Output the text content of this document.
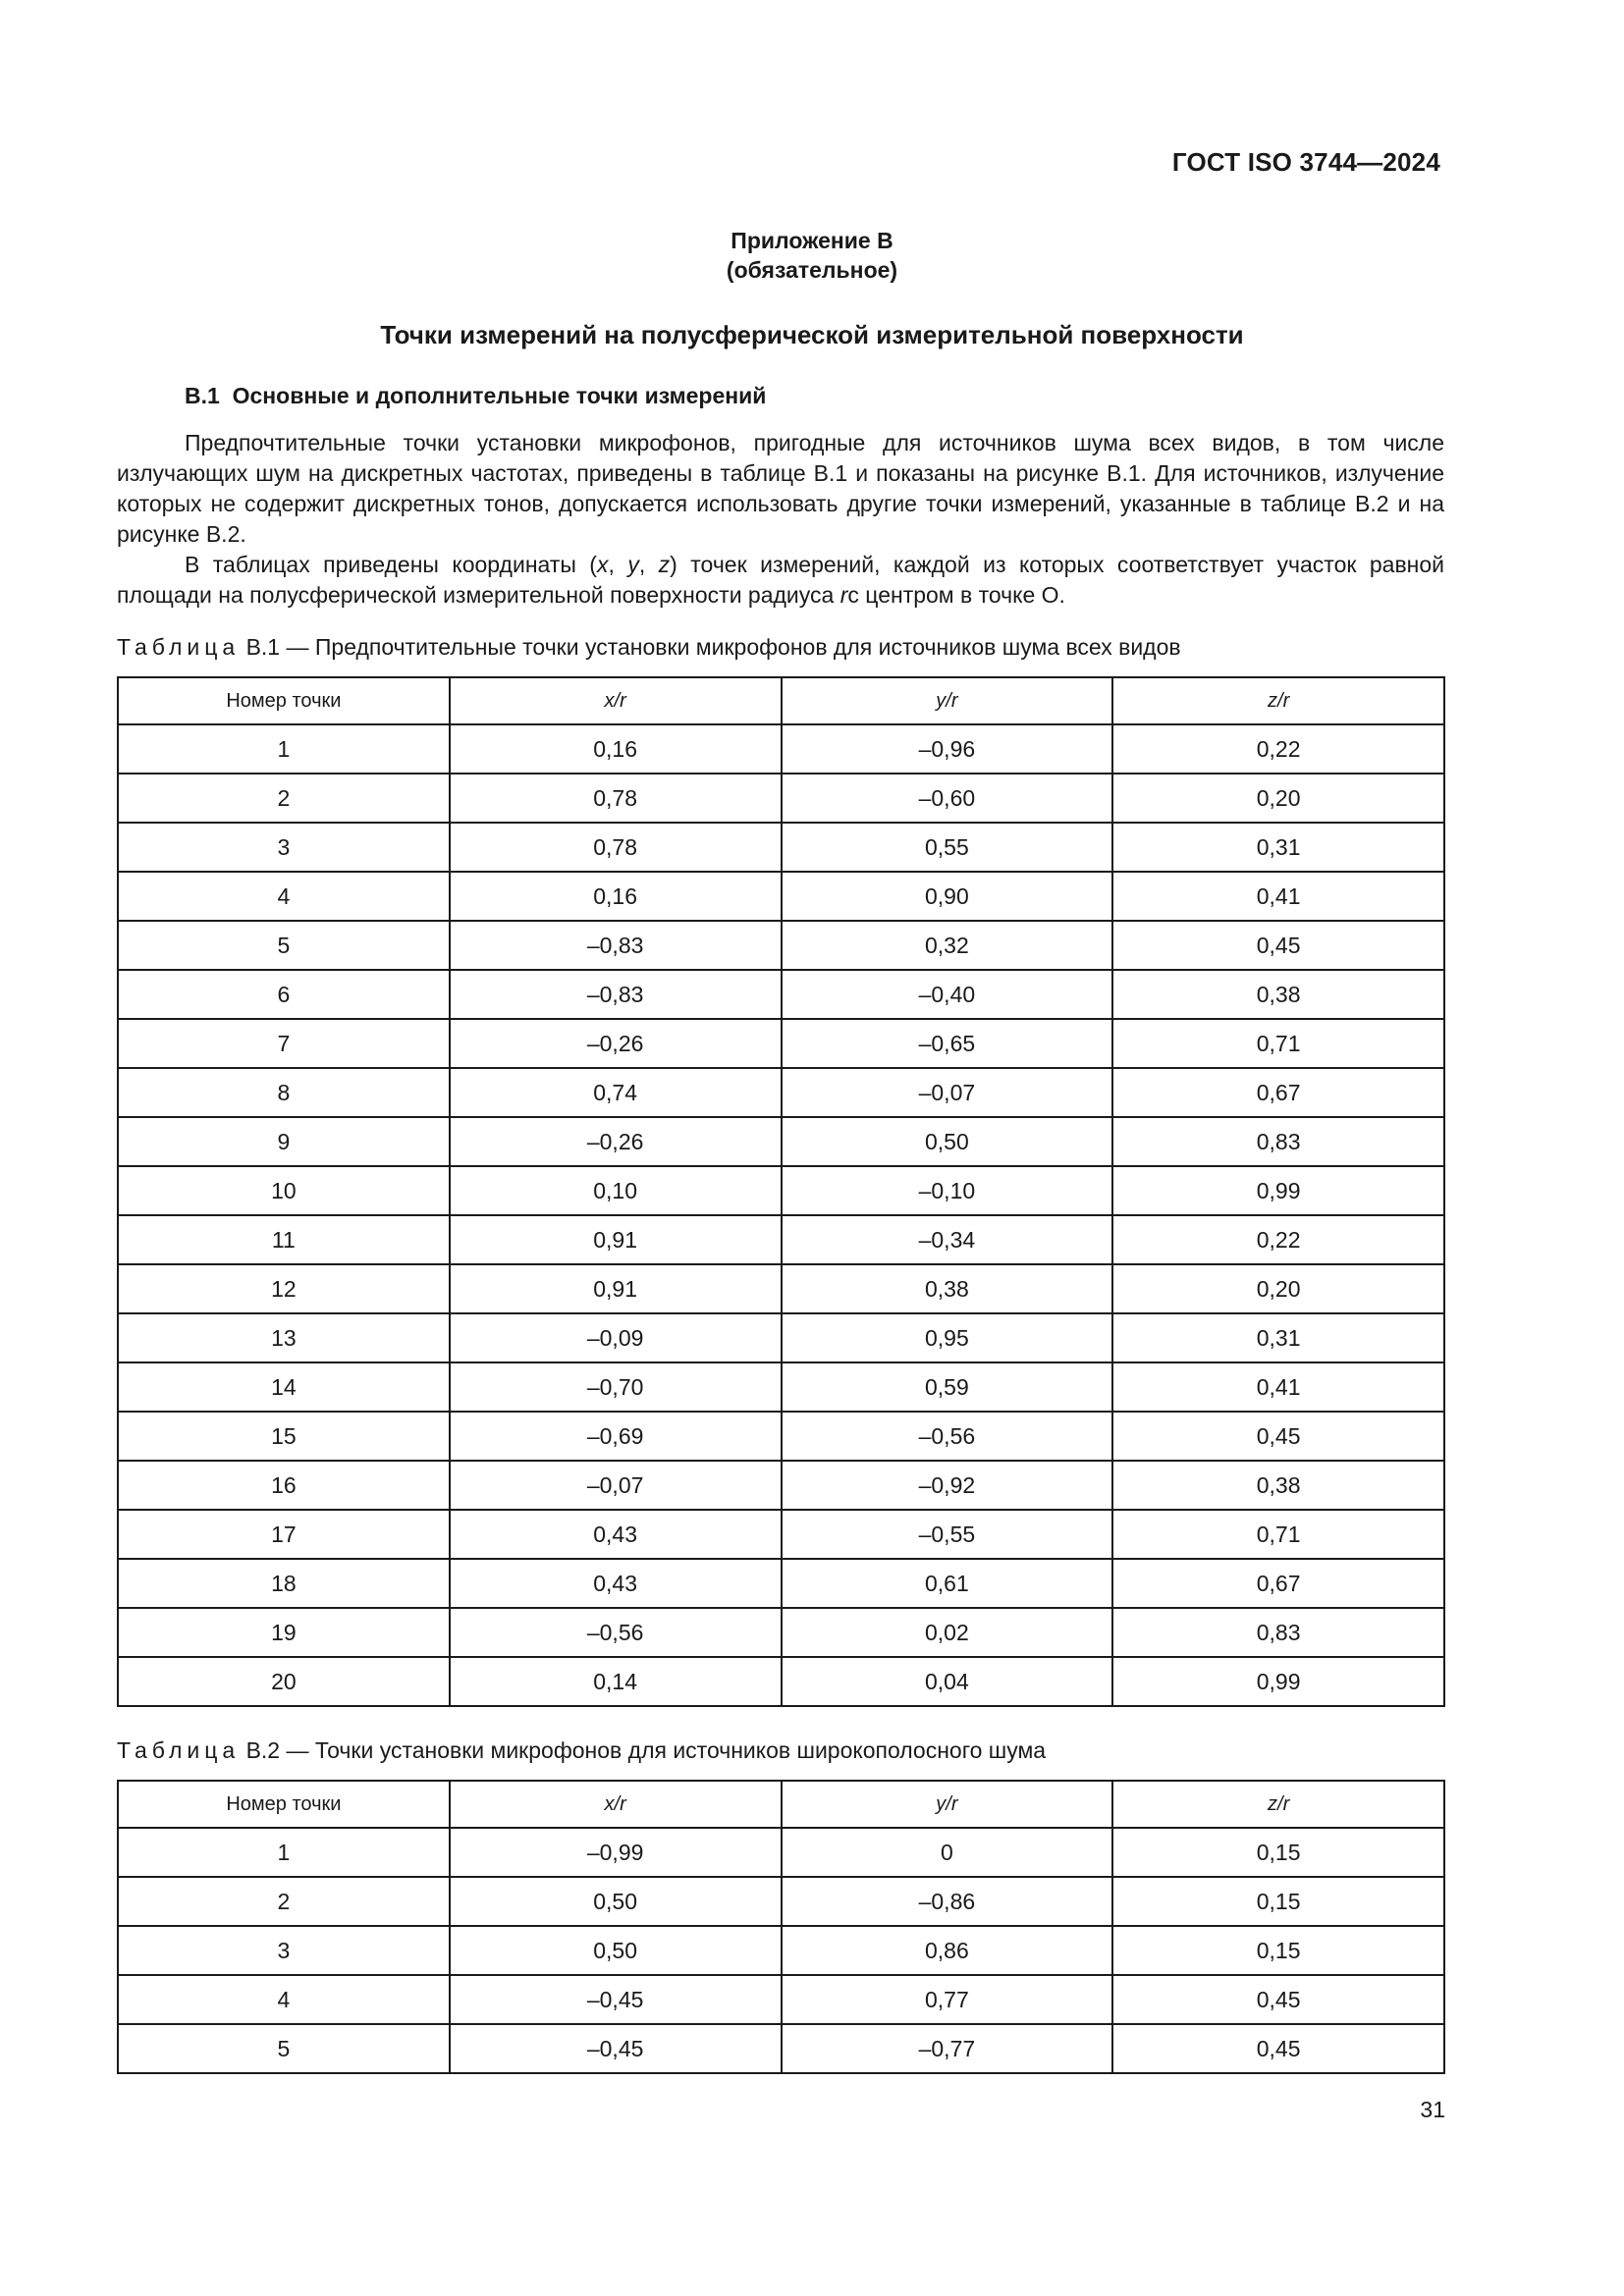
ГОСТ ISO 3744—2024
Приложение В
(обязательное)
Точки измерений на полусферической измерительной поверхности
В.1  Основные и дополнительные точки измерений
Предпочтительные точки установки микрофонов, пригодные для источников шума всех видов, в том числе излучающих шум на дискретных частотах, приведены в таблице В.1 и показаны на рисунке В.1. Для источников, излучение которых не содержит дискретных тонов, допускается использовать другие точки измерений, указанные в таблице В.2 и на рисунке В.2.
В таблицах приведены координаты (x, y, z) точек измерений, каждой из которых соответствует участок равной площади на полусферической измерительной поверхности радиуса rс центром в точке О.
Таблица В.1 — Предпочтительные точки установки микрофонов для источников шума всех видов
Номер точки	x/r	y/r	z/r
1	0,16	–0,96	0,22
2	0,78	–0,60	0,20
3	0,78	0,55	0,31
4	0,16	0,90	0,41
5	–0,83	0,32	0,45
6	–0,83	–0,40	0,38
7	–0,26	–0,65	0,71
8	0,74	–0,07	0,67
9	–0,26	0,50	0,83
10	0,10	–0,10	0,99
11	0,91	–0,34	0,22
12	0,91	0,38	0,20
13	–0,09	0,95	0,31
14	–0,70	0,59	0,41
15	–0,69	–0,56	0,45
16	–0,07	–0,92	0,38
17	0,43	–0,55	0,71
18	0,43	0,61	0,67
19	–0,56	0,02	0,83
20	0,14	0,04	0,99
Таблица В.2 — Точки установки микрофонов для источников широкополосного шума
Номер точки	x/r	y/r	z/r
1	–0,99	0	0,15
2	0,50	–0,86	0,15
3	0,50	0,86	0,15
4	–0,45	0,77	0,45
5	–0,45	–0,77	0,45
31
